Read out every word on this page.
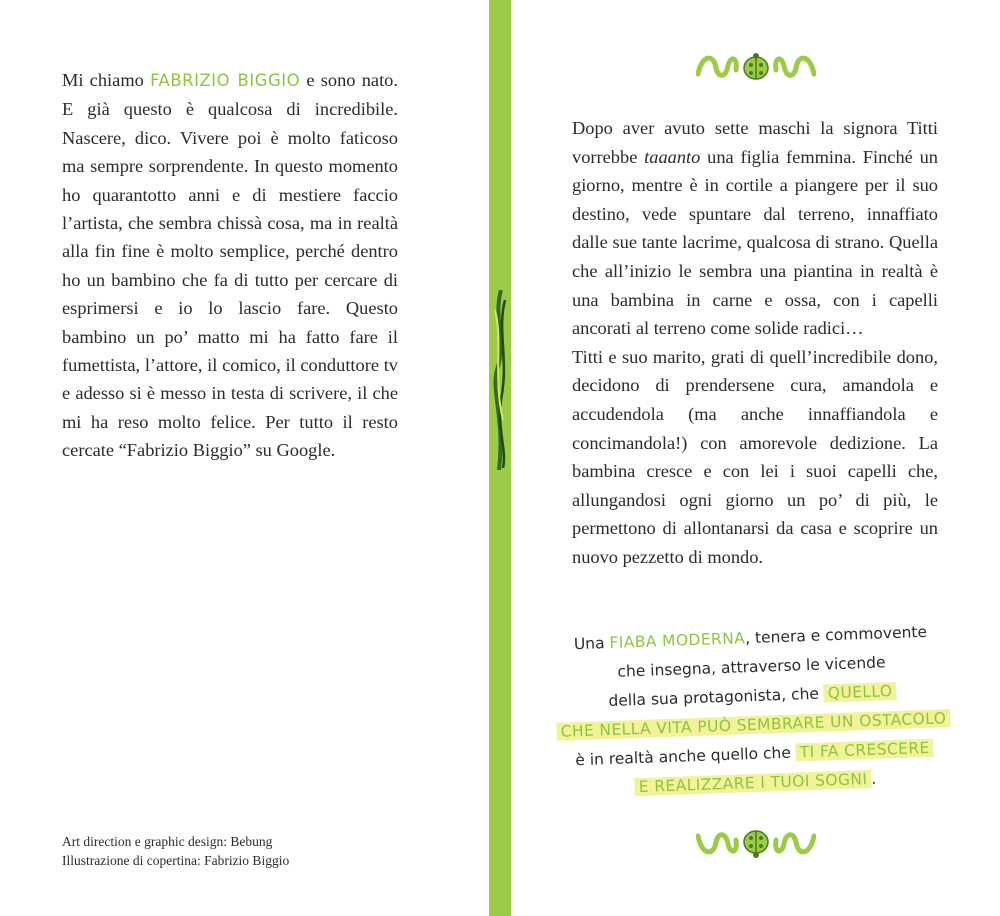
Mi chiamo FABRIZIO BIGGIO e sono nato. E già questo è qualcosa di incredibile. Nascere, dico. Vivere poi è molto faticoso ma sempre sorprendente. In questo momento ho quarantotto anni e di mestiere faccio l’artista, che sembra chissà cosa, ma in realtà alla fin fine è molto semplice, perché dentro ho un bambino che fa di tutto per cercare di esprimersi e io lo lascio fare. Questo bambino un po’ matto mi ha fatto fare il fumettista, l’attore, il comico, il conduttore tv e adesso si è messo in testa di scrivere, il che mi ha reso molto felice. Per tutto il resto cercate “Fabrizio Biggio” su Google.

Art direction e graphic design: Bebung
Illustrazione di copertina: Fabrizio Biggio

Dopo aver avuto sette maschi la signora Titti vorrebbe taaanto una figlia femmina. Finché un giorno, mentre è in cortile a piangere per il suo destino, vede spuntare dal terreno, innaffiato dalle sue tante lacrime, qualcosa di strano. Quella che all’inizio le sembra una piantina in realtà è una bambina in carne e ossa, con i capelli ancorati al terreno come solide radici…

Titti e suo marito, grati di quell’incredibile dono, decidono di prendersene cura, amandola e accudendola (ma anche innaffiandola e concimandola!) con amorevole dedizione. La bambina cresce e con lei i suoi capelli che, allungandosi ogni giorno un po’ di più, le permettono di allontanarsi da casa e scoprire un nuovo pezzetto di mondo.

Una FIABA MODERNA, tenera e commovente
che insegna, attraverso le vicende
della sua protagonista, che QUELLO
CHE NELLA VITA PUÒ SEMBRARE UN OSTACOLO
è in realtà anche quello che TI FA CRESCERE
E REALIZZARE I TUOI SOGNI .
